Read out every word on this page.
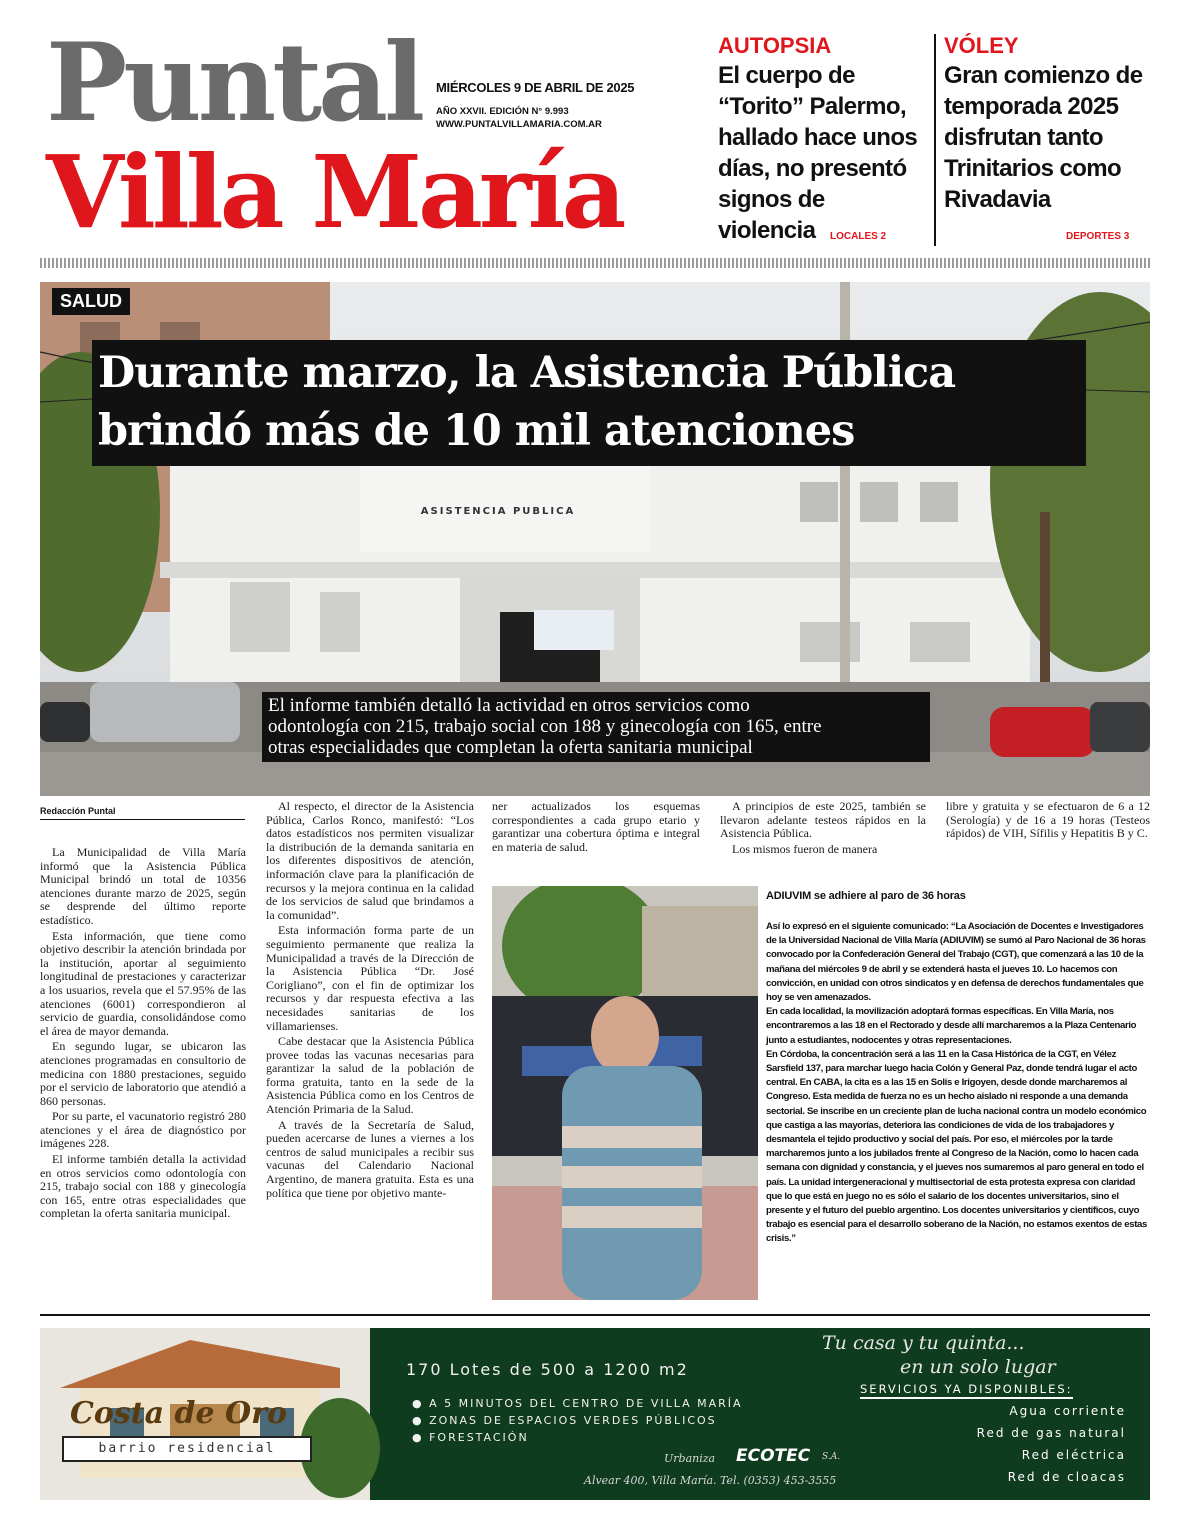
Puntal
Villa María
MIÉRCOLES 9 DE ABRIL DE 2025
AÑO XXVII. EDICIÓN N° 9.993
WWW.PUNTALVILLAMARIA.COM.AR
AUTOPSIA
El cuerpo de
“Torito” Palermo,
hallado hace unos
días, no presentó
signos de
violencia	LOCALES 2
VÓLEY
Gran comienzo de
temporada 2025
disfrutan tanto
Trinitarios como
Rivadavia
DEPORTES 3
ASISTENCIA PUBLICA
SALUD
Durante marzo, la Asistencia Pública
brindó más de 10 mil atenciones
El informe también detalló la actividad en otros servicios como
odontología con 215, trabajo social con 188 y ginecología con 165, entre
otras especialidades que completan la oferta sanitaria municipal
Redacción Puntal

La Municipalidad de Villa María informó que la Asistencia Pública Municipal brindó un total de 10356 atenciones durante marzo de 2025, según se desprende del último reporte estadístico.

Esta información, que tiene como objetivo describir la atención brindada por la institución, aportar al seguimiento longitudinal de prestaciones y caracterizar a los usuarios, revela que el 57.95% de las atenciones (6001) correspondieron al servicio de guardia, consolidándose como el área de mayor demanda.

En segundo lugar, se ubicaron las atenciones programadas en consultorio de medicina con 1880 prestaciones, seguido por el servicio de laboratorio que atendió a 860 personas.

Por su parte, el vacunatorio registró 280 atenciones y el área de diagnóstico por imágenes 228.

El informe también detalla la actividad en otros servicios como odontología con 215, trabajo social con 188 y ginecología con 165, entre otras especialidades que completan la oferta sanitaria municipal.

Al respecto, el director de la Asistencia Pública, Carlos Ronco, manifestó: “Los datos estadísticos nos permiten visualizar la distribución de la demanda sanitaria en los diferentes dispositivos de atención, información clave para la planificación de recursos y la mejora continua en la calidad de los servicios de salud que brindamos a la comunidad”.

Esta información forma parte de un seguimiento permanente que realiza la Municipalidad a través de la Dirección de la Asistencia Pública “Dr. José Corigliano”, con el fin de optimizar los recursos y dar respuesta efectiva a las necesidades sanitarias de los villamarienses.

Cabe destacar que la Asistencia Pública provee todas las vacunas necesarias para garantizar la salud de la población de forma gratuita, tanto en la sede de la Asistencia Pública como en los Centros de Atención Primaria de la Salud.

A través de la Secretaría de Salud, pueden acercarse de lunes a viernes a los centros de salud municipales a recibir sus vacunas del Calendario Nacional Argentino, de manera gratuita. Esta es una política que tiene por objetivo mante-

ner actualizados los esquemas correspondientes a cada grupo etario y garantizar una cobertura óptima e integral en materia de salud.

A principios de este 2025, también se llevaron adelante testeos rápidos en la Asistencia Pública.

Los mismos fueron de manera

libre y gratuita y se efectuaron de 6 a 12 (Serología) y de 16 a 19 horas (Testeos rápidos) de VIH, Sífilis y Hepatitis B y C.

ADIUVIM se adhiere al paro de 36 horas
Así lo expresó en el siguiente comunicado: “La Asociación de Docentes e Investigadores de la Universidad Nacional de Villa María (ADIUVIM) se sumó al Paro Nacional de 36 horas convocado por la Confederación General del Trabajo (CGT), que comenzará a las 10 de la mañana del miércoles 9 de abril y se extenderá hasta el jueves 10. Lo hacemos con convicción, en unidad con otros sindicatos y en defensa de derechos fundamentales que hoy se ven amenazados.
En cada localidad, la movilización adoptará formas específicas. En Villa María, nos encontraremos a las 18 en el Rectorado y desde allí marcharemos a la Plaza Centenario junto a estudiantes, nodocentes y otras representaciones.
En Córdoba, la concentración será a las 11 en la Casa Histórica de la CGT, en Vélez Sarsfield 137, para marchar luego hacia Colón y General Paz, donde tendrá lugar el acto central. En CABA, la cita es a las 15 en Solís e Irigoyen, desde donde marcharemos al Congreso. Esta medida de fuerza no es un hecho aislado ni responde a una demanda sectorial. Se inscribe en un creciente plan de lucha nacional contra un modelo económico que castiga a las mayorías, deteriora las condiciones de vida de los trabajadores y desmantela el tejido productivo y social del país. Por eso, el miércoles por la tarde marcharemos junto a los jubilados frente al Congreso de la Nación, como lo hacen cada semana con dignidad y constancia, y el jueves nos sumaremos al paro general en todo el país. La unidad intergeneracional y multisectorial de esta protesta expresa con claridad que lo que está en juego no es sólo el salario de los docentes universitarios, sino el presente y el futuro del pueblo argentino. Los docentes universitarios y científicos, cuyo trabajo es esencial para el desarrollo soberano de la Nación, no estamos exentos de estas crisis.”
Costa de Oro
barrio residencial
170 Lotes de 500 a 1200 m2
● A 5 MINUTOS DEL CENTRO DE VILLA MARÍA
● ZONAS DE ESPACIOS VERDES PÚBLICOS
● FORESTACIÓN
Tu casa y tu quinta...
en un solo lugar
SERVICIOS YA DISPONIBLES:
Agua corriente
Red de gas natural
Red eléctrica
Red de cloacas
Urbaniza ECOTEC S.A.
Alvear 400, Villa María. Tel. (0353) 453-3555
